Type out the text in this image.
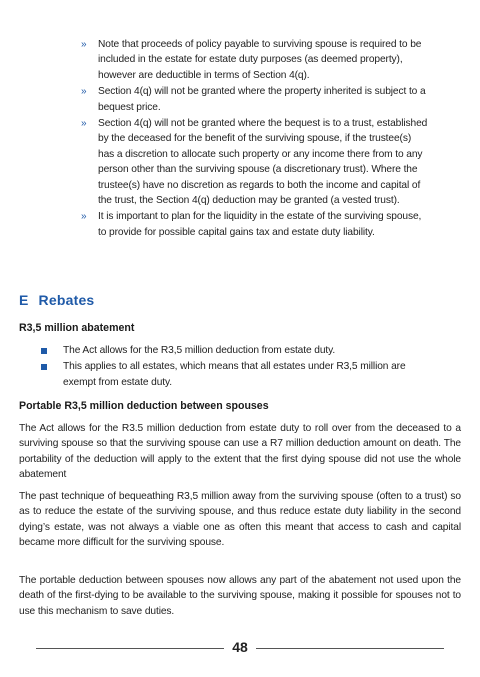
» Note that proceeds of policy payable to surviving spouse is required to be included in the estate for estate duty purposes (as deemed property), however are deductible in terms of Section 4(q).
» Section 4(q) will not be granted where the property inherited is subject to a bequest price.
» Section 4(q) will not be granted where the bequest is to a trust, established by the deceased for the benefit of the surviving spouse, if the trustee(s) has a discretion to allocate such property or any income there from to any person other than the surviving spouse (a discretionary trust). Where the trustee(s) have no discretion as regards to both the income and capital of the trust, the Section 4(q) deduction may be granted (a vested trust).
» It is important to plan for the liquidity in the estate of the surviving spouse, to provide for possible capital gains tax and estate duty liability.
E Rebates
R3,5 million abatement
The Act allows for the R3,5 million deduction from estate duty.
This applies to all estates, which means that all estates under R3,5 million are exempt from estate duty.
Portable R3,5 million deduction between spouses
The Act allows for the R3.5 million deduction from estate duty to roll over from the deceased to a surviving spouse so that the surviving spouse can use a R7 million deduction amount on death. The portability of the deduction will apply to the extent that the first dying spouse did not use the whole abatement
The past technique of bequeathing R3,5 million away from the surviving spouse (often to a trust) so as to reduce the estate of the surviving spouse, and thus reduce estate duty liability in the second dying’s estate, was not always a viable one as often this meant that access to cash and capital became more difficult for the surviving spouse.
The portable deduction between spouses now allows any part of the abatement not used upon the death of the first-dying to be available to the surviving spouse, making it possible for spouses not to use this mechanism to save duties.
48
